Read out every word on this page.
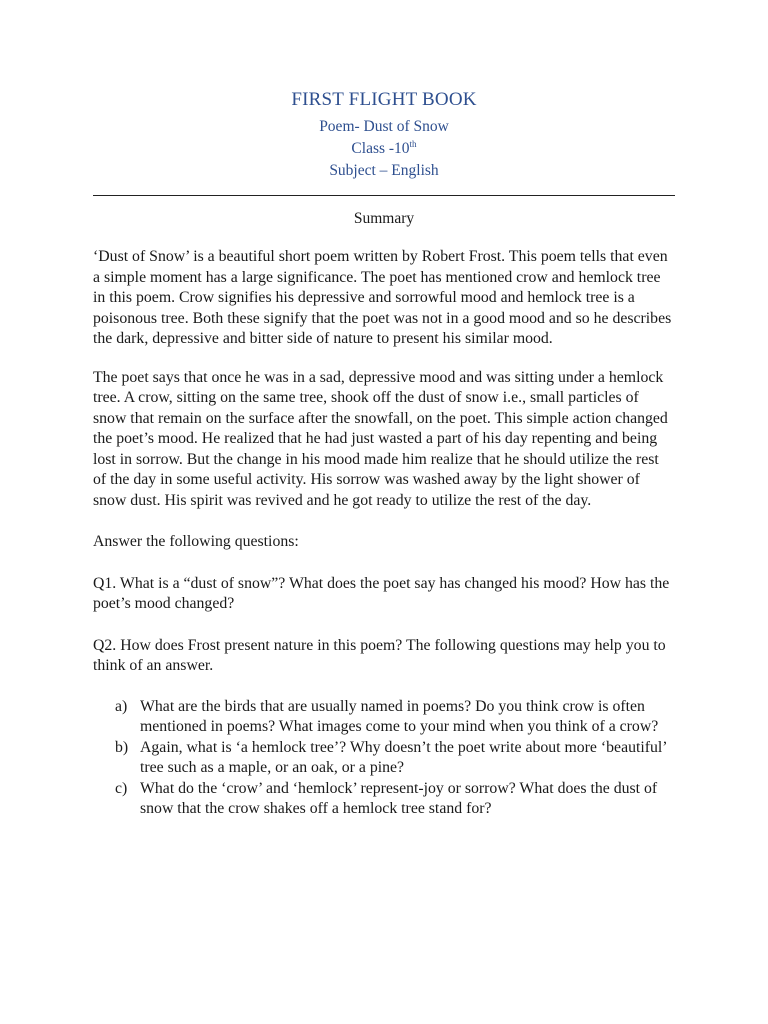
FIRST FLIGHT BOOK
Poem- Dust of Snow
Class -10th
Subject – English
Summary

‘Dust of Snow’ is a beautiful short poem written by Robert Frost. This poem tells that even a simple moment has a large significance. The poet has mentioned crow and hemlock tree in this poem. Crow signifies his depressive and sorrowful mood and hemlock tree is a poisonous tree. Both these signify that the poet was not in a good mood and so he describes the dark, depressive and bitter side of nature to present his similar mood.

The poet says that once he was in a sad, depressive mood and was sitting under a hemlock tree. A crow, sitting on the same tree, shook off the dust of snow i.e., small particles of snow that remain on the surface after the snowfall, on the poet. This simple action changed the poet’s mood. He realized that he had just wasted a part of his day repenting and being lost in sorrow. But the change in his mood made him realize that he should utilize the rest of the day in some useful activity. His sorrow was washed away by the light shower of snow dust. His spirit was revived and he got ready to utilize the rest of the day.

Answer the following questions:

Q1. What is a “dust of snow”? What does the poet say has changed his mood? How has the poet’s mood changed?

Q2. How does Frost present nature in this poem? The following questions may help you to think of an answer.

a) What are the birds that are usually named in poems? Do you think crow is often mentioned in poems? What images come to your mind when you think of a crow?
b) Again, what is ‘a hemlock tree’? Why doesn’t the poet write about more ‘beautiful’ tree such as a maple, or an oak, or a pine?
c) What do the ‘crow’ and ‘hemlock’ represent-joy or sorrow? What does the dust of snow that the crow shakes off a hemlock tree stand for?
